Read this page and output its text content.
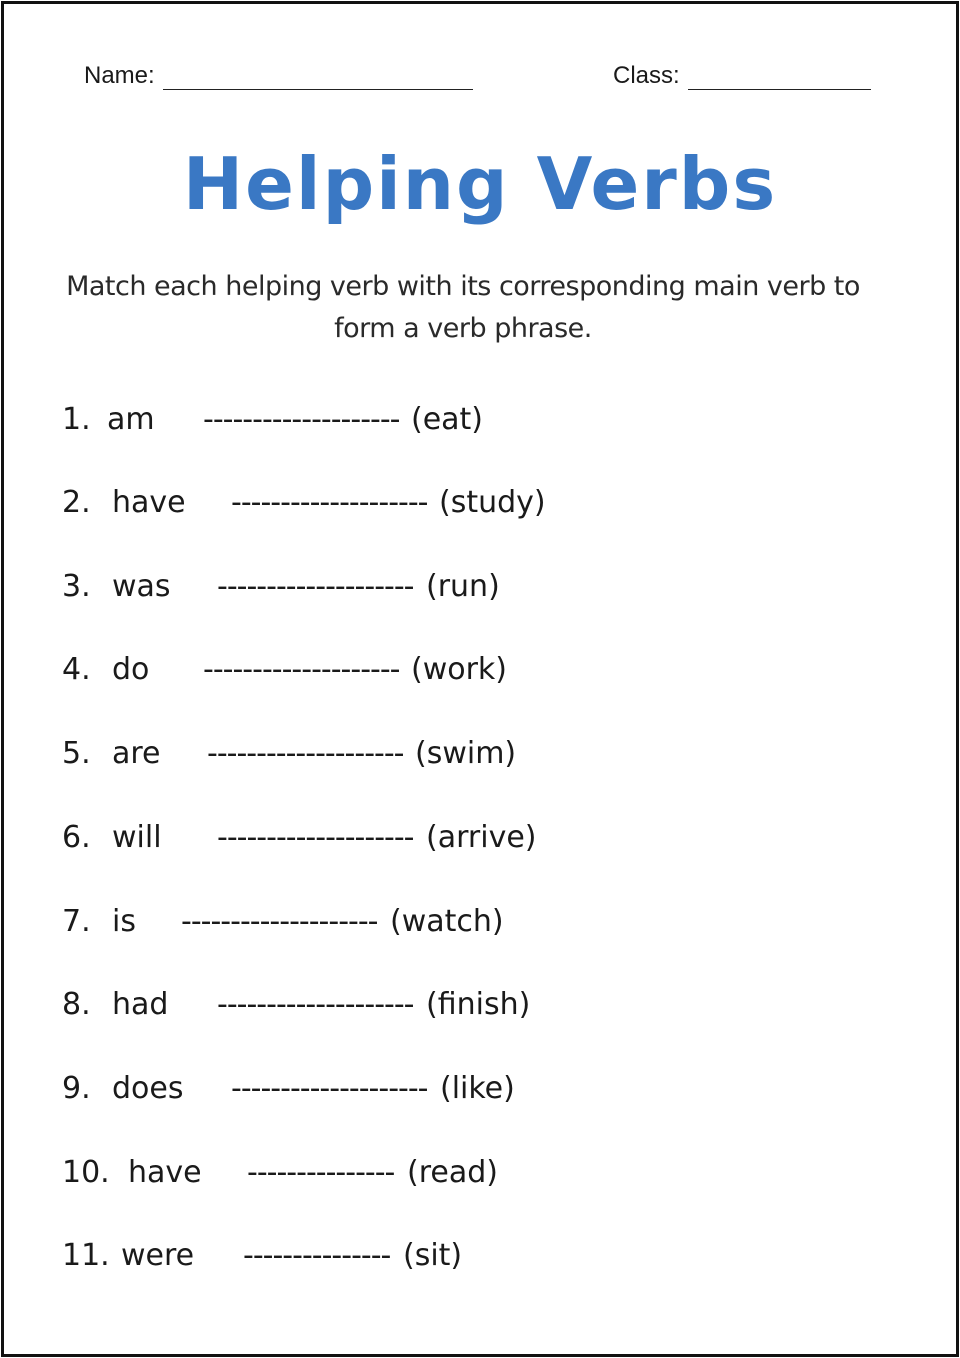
Name:	Class:
Helping Verbs

Match each helping verb with its corresponding main verb to
form a verb phrase.

1. am -------------------- (eat)
2. have -------------------- (study)
3. was -------------------- (run)
4. do -------------------- (work)
5. are -------------------- (swim)
6. will -------------------- (arrive)
7. is -------------------- (watch)
8. had -------------------- (finish)
9. does -------------------- (like)
10. have --------------- (read)
11. were --------------- (sit)
